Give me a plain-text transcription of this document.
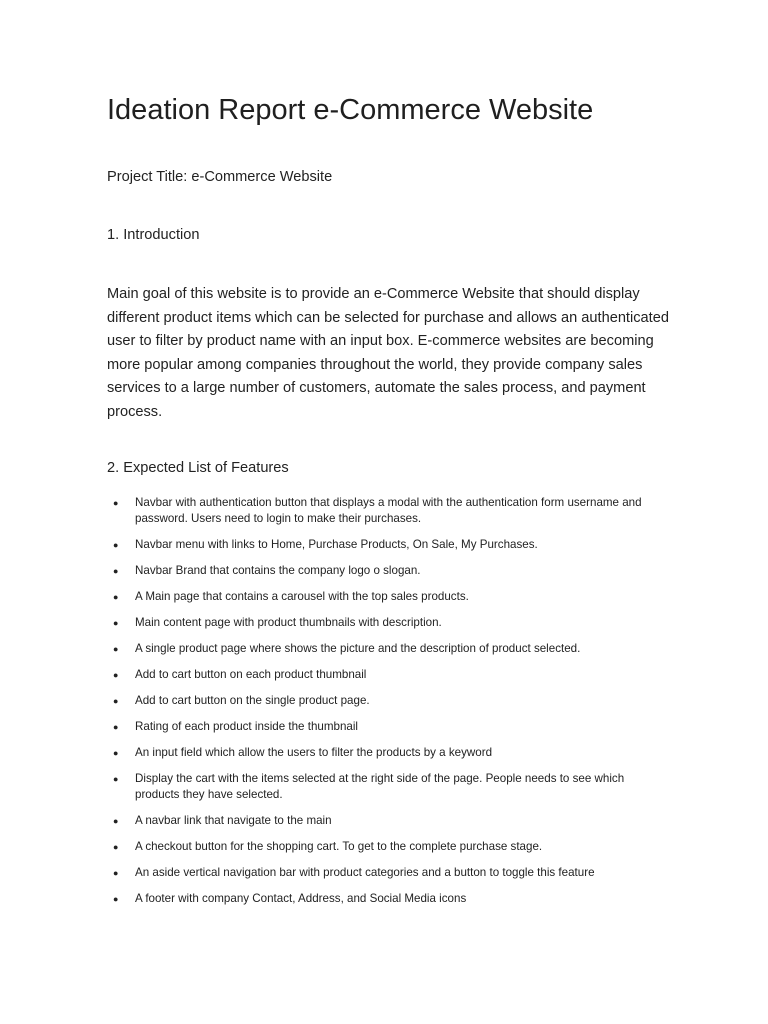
Ideation Report e-Commerce Website

Project Title: e-Commerce Website

1. Introduction

Main goal of this website is to provide an e-Commerce Website that should display different product items which can be selected for purchase and allows an authenticated user to filter by product name with an input box. E-commerce websites are becoming more popular among companies throughout the world, they provide company sales services to a large number of customers, automate the sales process, and payment process.

2. Expected List of Features
● Navbar with authentication button that displays a modal with the authentication form username and password. Users need to login to make their purchases.
● Navbar menu with links to Home, Purchase Products, On Sale, My Purchases.
● Navbar Brand that contains the company logo o slogan.
● A Main page that contains a carousel with the top sales products.
● Main content page with product thumbnails with description.
● A single product page where shows the picture and the description of product selected.
● Add to cart button on each product thumbnail
● Add to cart button on the single product page.
● Rating of each product inside the thumbnail
● An input field which allow the users to filter the products by a keyword
● Display the cart with the items selected at the right side of the page. People needs to see which products they have selected.
● A navbar link that navigate to the main
● A checkout button for the shopping cart. To get to the complete purchase stage.
● An aside vertical navigation bar with product categories and a button to toggle this feature
● A footer with company Contact, Address, and Social Media icons
